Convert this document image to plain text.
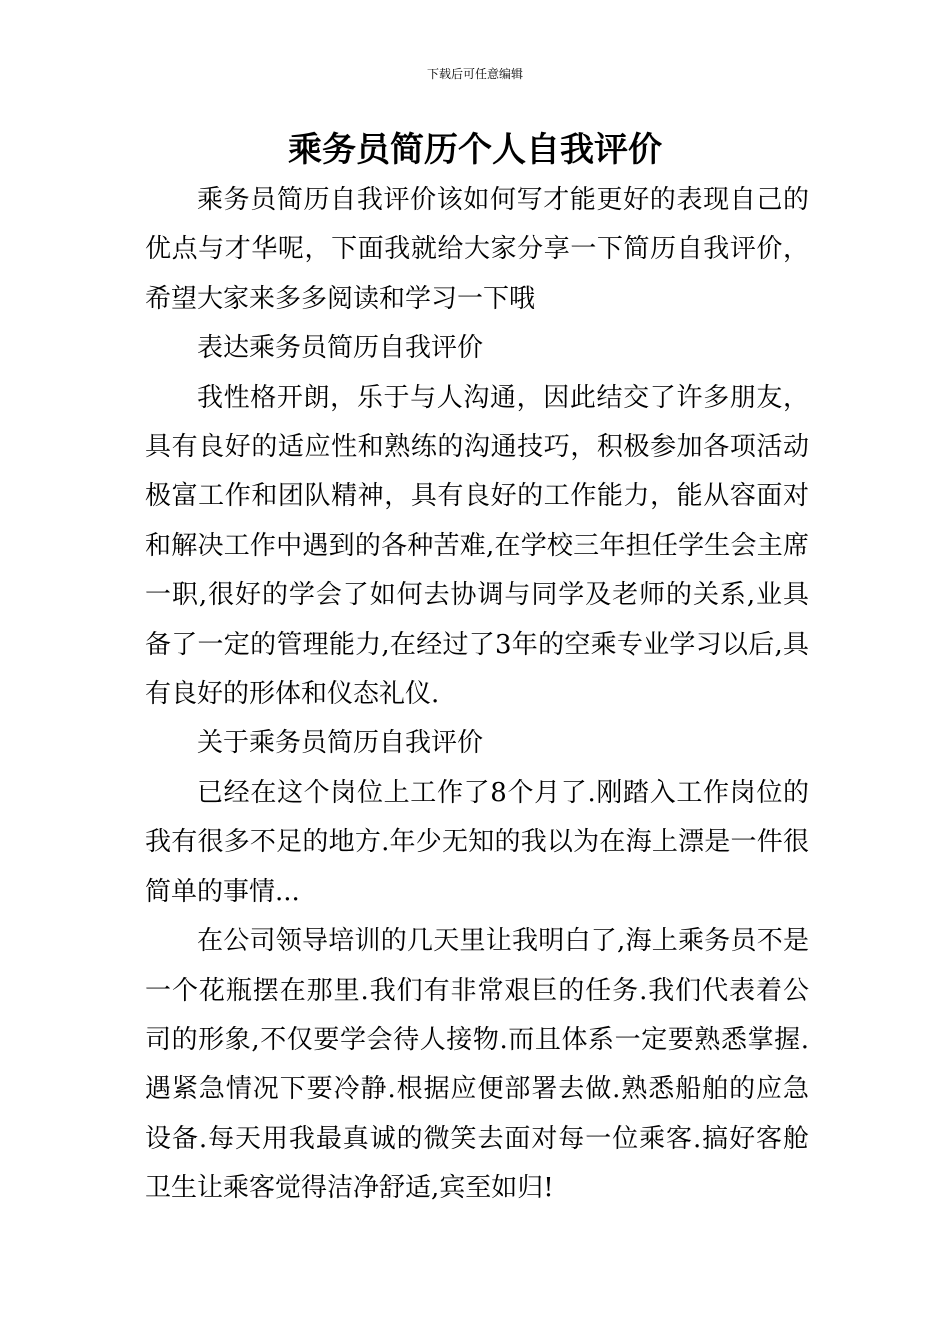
下载后可任意编辑
乘务员简历个人自我评价

乘务员简历自我评价该如何写才能更好的表现自己的优点与才华呢，下面我就给大家分享一下简历自我评价，希望大家来多多阅读和学习一下哦

表达乘务员简历自我评价

我性格开朗，乐于与人沟通，因此结交了许多朋友，具有良好的适应性和熟练的沟通技巧，积极参加各项活动极富工作和团队精神，具有良好的工作能力，能从容面对和解决工作中遇到的各种苦难,在学校三年担任学生会主席一职,很好的学会了如何去协调与同学及老师的关系,业具备了一定的管理能力,在经过了3年的空乘专业学习以后,具有良好的形体和仪态礼仪.

关于乘务员简历自我评价

已经在这个岗位上工作了8个月了.刚踏入工作岗位的我有很多不足的地方.年少无知的我以为在海上漂是一件很简单的事情...

在公司领导培训的几天里让我明白了,海上乘务员不是一个花瓶摆在那里.我们有非常艰巨的任务.我们代表着公司的形象,不仅要学会待人接物.而且体系一定要熟悉掌握.遇紧急情况下要冷静.根据应便部署去做.熟悉船舶的应急设备.每天用我最真诚的微笑去面对每一位乘客.搞好客舱卫生让乘客觉得洁净舒适,宾至如归!
